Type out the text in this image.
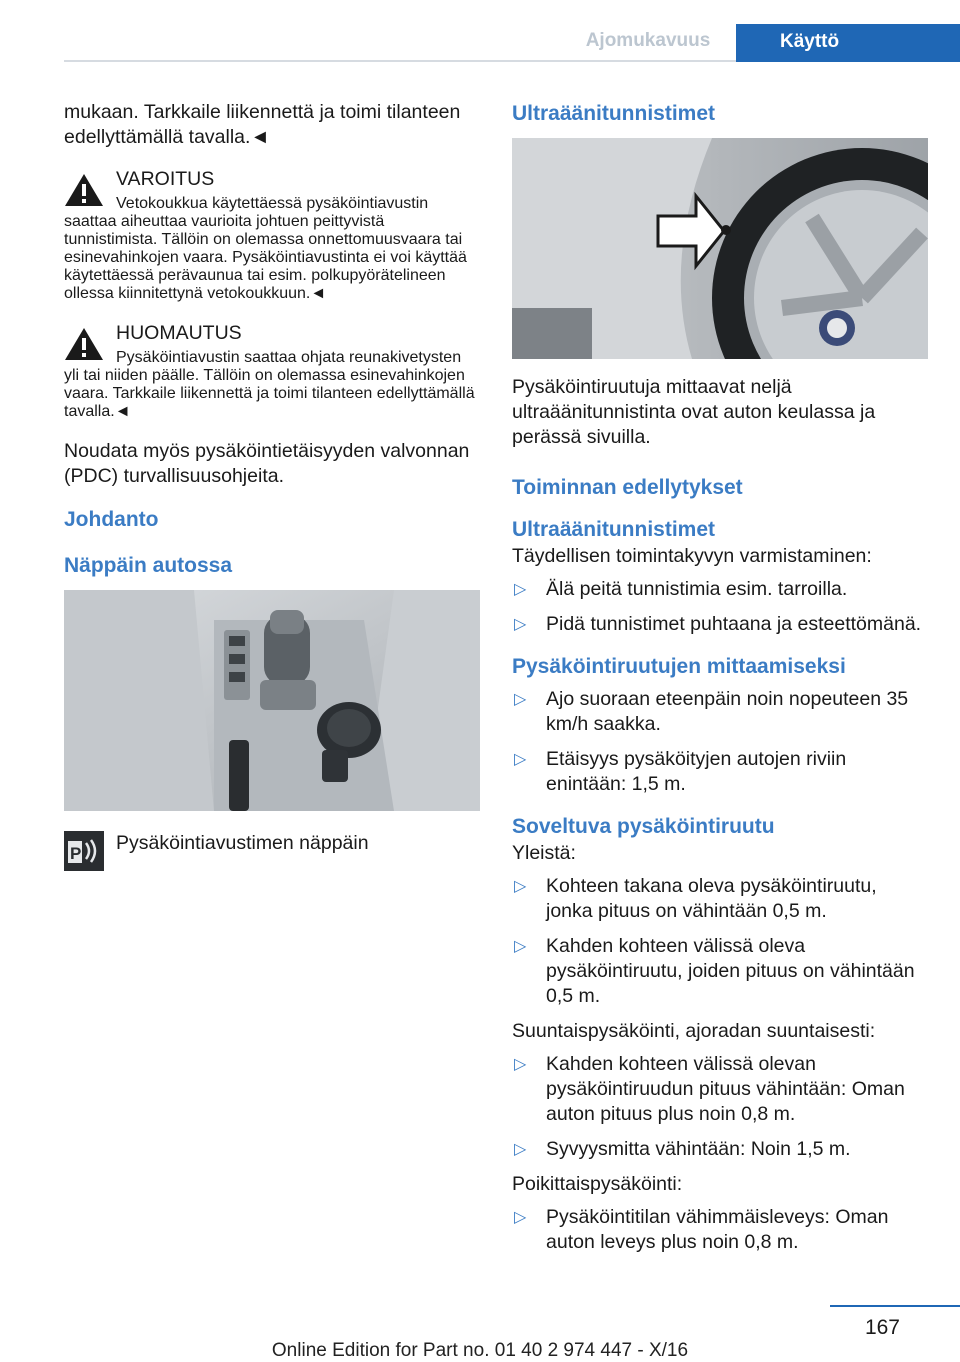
Ajomukavuus	Käyttö

mukaan. Tarkkaile liikennettä ja toimi tilanteen edellyttämällä tavalla.◄

VAROITUS
Vetokoukkua käytettäessä pysäköintiavustin saattaa aiheuttaa vaurioita johtuen peittyvistä tunnistimista. Tällöin on olemassa onnettomuusvaara tai esinevahinkojen vaara. Pysäköintiavustinta ei voi käyttää käytettäessä perävaunua tai esim. polkupyörätelineen ollessa kiinnitettynä vetokoukkuun.◄
HUOMAUTUS
Pysäköintiavustin saattaa ohjata reunakivetysten yli tai niiden päälle. Tällöin on olemassa esinevahinkojen vaara. Tarkkaile liikennettä ja toimi tilanteen edellyttämällä tavalla.◄

Noudata myös pysäköintietäisyyden valvonnan (PDC) turvallisuusohjeita.

Johdanto
Näppäin autossa
P Pysäköintiavustimen näppäin

Ultraäänitunnistimet

Pysäköintiruutuja mittaavat neljä ultraäänitunnistinta ovat auton keulassa ja perässä sivuilla.

Toiminnan edellytykset
Ultraäänitunnistimet

Täydellisen toimintakyvyn varmistaminen:

▷ Älä peitä tunnistimia esim. tarroilla.
▷ Pidä tunnistimet puhtaana ja esteettömänä.
Pysäköintiruutujen mittaamiseksi
▷ Ajo suoraan eteenpäin noin nopeuteen 35 km/h saakka.
▷ Etäisyys pysäköityjen autojen riviin enintään: 1,5 m.
Soveltuva pysäköintiruutu

Yleistä:

▷ Kohteen takana oleva pysäköintiruutu, jonka pituus on vähintään 0,5 m.
▷ Kahden kohteen välissä oleva pysäköintiruutu, joiden pituus on vähintään 0,5 m.

Suuntaispysäköinti, ajoradan suuntaisesti:

▷ Kahden kohteen välissä olevan pysäköintiruudun pituus vähintään: Oman auton pituus plus noin 0,8 m.
▷ Syvyysmitta vähintään: Noin 1,5 m.

Poikittaispysäköinti:

▷ Pysäköintitilan vähimmäisleveys: Oman auton leveys plus noin 0,8 m.
167
Online Edition for Part no. 01 40 2 974 447 - X/16
